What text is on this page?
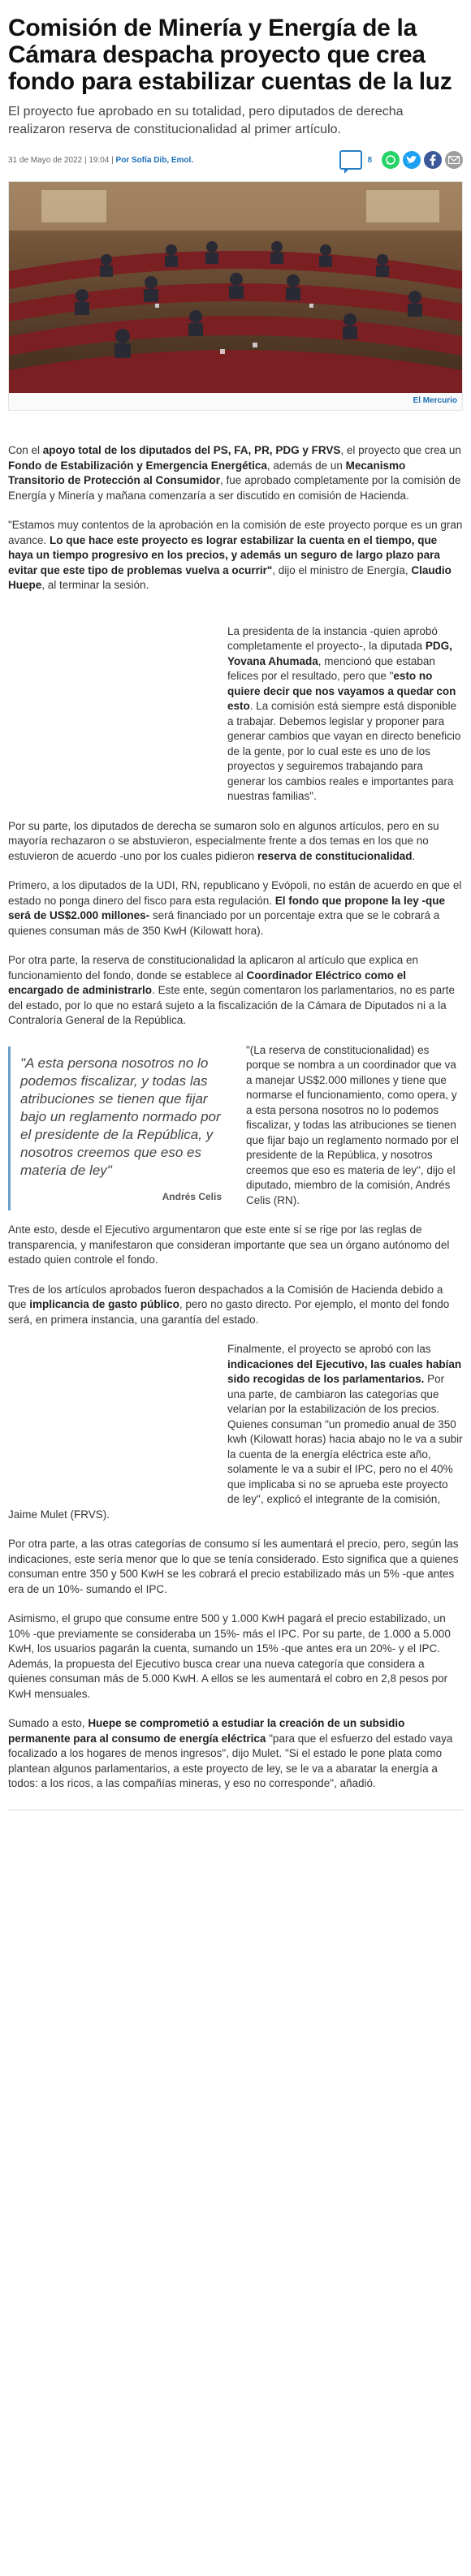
Comisión de Minería y Energía de la Cámara despacha proyecto que crea fondo para estabilizar cuentas de la luz

El proyecto fue aprobado en su totalidad, pero diputados de derecha realizaron reserva de constitucionalidad al primer artículo.

31 de Mayo de 2022 | 19:04 | Por Sofía Dib, Emol.	8
El Mercurio

Con el apoyo total de los diputados del PS, FA, PR, PDG y FRVS, el proyecto que crea un Fondo de Estabilización y Emergencia Energética, además de un Mecanismo Transitorio de Protección al Consumidor, fue aprobado completamente por la comisión de Energía y Minería y mañana comenzaría a ser discutido en comisión de Hacienda.

"Estamos muy contentos de la aprobación en la comisión de este proyecto porque es un gran avance. Lo que hace este proyecto es lograr estabilizar la cuenta en el tiempo, que haya un tiempo progresivo en los precios, y además un seguro de largo plazo para evitar que este tipo de problemas vuelva a ocurrir", dijo el ministro de Energía, Claudio Huepe, al terminar la sesión.

La presidenta de la instancia -quien aprobó completamente el proyecto-, la diputada PDG, Yovana Ahumada, mencionó que estaban felices por el resultado, pero que "esto no quiere decir que nos vayamos a quedar con esto. La comisión está siempre está disponible a trabajar. Debemos legislar y proponer para generar cambios que vayan en directo beneficio de la gente, por lo cual este es uno de los proyectos y seguiremos trabajando para generar los cambios reales e importantes para nuestras familias".

Por su parte, los diputados de derecha se sumaron solo en algunos artículos, pero en su mayoría rechazaron o se abstuvieron, especialmente frente a dos temas en los que no estuvieron de acuerdo -uno por los cuales pidieron reserva de constitucionalidad.

Primero, a los diputados de la UDI, RN, republicano y Evópoli, no están de acuerdo en que el estado no ponga dinero del fisco para esta regulación. El fondo que propone la ley -que será de US$2.000 millones- será financiado por un porcentaje extra que se le cobrará a quienes consuman más de 350 KwH (Kilowatt hora).

Por otra parte, la reserva de constitucionalidad la aplicaron al artículo que explica en funcionamiento del fondo, donde se establece al Coordinador Eléctrico como el encargado de administrarlo. Este ente, según comentaron los parlamentarios, no es parte del estado, por lo que no estará sujeto a la fiscalización de la Cámara de Diputados ni a la Contraloría General de la República.

"A esta persona nosotros no lo podemos fiscalizar, y todas las atribuciones se tienen que fijar bajo un reglamento normado por el presidente de la República, y nosotros creemos que eso es materia de ley"
Andrés Celis

"(La reserva de constitucionalidad) es porque se nombra a un coordinador que va a manejar US$2.000 millones y tiene que normarse el funcionamiento, como opera, y a esta persona nosotros no lo podemos fiscalizar, y todas las atribuciones se tienen que fijar bajo un reglamento normado por el presidente de la República, y nosotros creemos que eso es materia de ley", dijo el diputado, miembro de la comisión, Andrés Celis (RN).

Ante esto, desde el Ejecutivo argumentaron que este ente sí se rige por las reglas de transparencia, y manifestaron que consideran importante que sea un órgano autónomo del estado quien controle el fondo.

Tres de los artículos aprobados fueron despachados a la Comisión de Hacienda debido a que implicancia de gasto público, pero no gasto directo. Por ejemplo, el monto del fondo será, en primera instancia, una garantía del estado.

Finalmente, el proyecto se aprobó con las indicaciones del Ejecutivo, las cuales habían sido recogidas de los parlamentarios. Por una parte, de cambiaron las categorías que velarían por la estabilización de los precios. Quienes consuman "un promedio anual de 350 kwh (Kilowatt horas) hacia abajo no le va a subir la cuenta de la energía eléctrica este año, solamente le va a subir el IPC, pero no el 40% que implicaba si no se aprueba este proyecto de ley", explicó el integrante de la comisión, Jaime Mulet (FRVS).

Por otra parte, a las otras categorías de consumo sí les aumentará el precio, pero, según las indicaciones, este sería menor que lo que se tenía considerado. Esto significa que a quienes consuman entre 350 y 500 KwH se les cobrará el precio estabilizado más un 5% -que antes era de un 10%- sumando el IPC.

Asimismo, el grupo que consume entre 500 y 1.000 KwH pagará el precio estabilizado, un 10% -que previamente se consideraba un 15%- más el IPC. Por su parte, de 1.000 a 5.000 KwH, los usuarios pagarán la cuenta, sumando un 15% -que antes era un 20%- y el IPC. Además, la propuesta del Ejecutivo busca crear una nueva categoría que considera a quienes consuman más de 5.000 KwH. A ellos se les aumentará el cobro en 2,8 pesos por KwH mensuales.

Sumado a esto, Huepe se comprometió a estudiar la creación de un subsidio permanente para al consumo de energía eléctrica "para que el esfuerzo del estado vaya focalizado a los hogares de menos ingresos", dijo Mulet. "Si el estado le pone plata como plantean algunos parlamentarios, a este proyecto de ley, se le va a abaratar la energía a todos: a los ricos, a las compañías mineras, y eso no corresponde", añadió.
